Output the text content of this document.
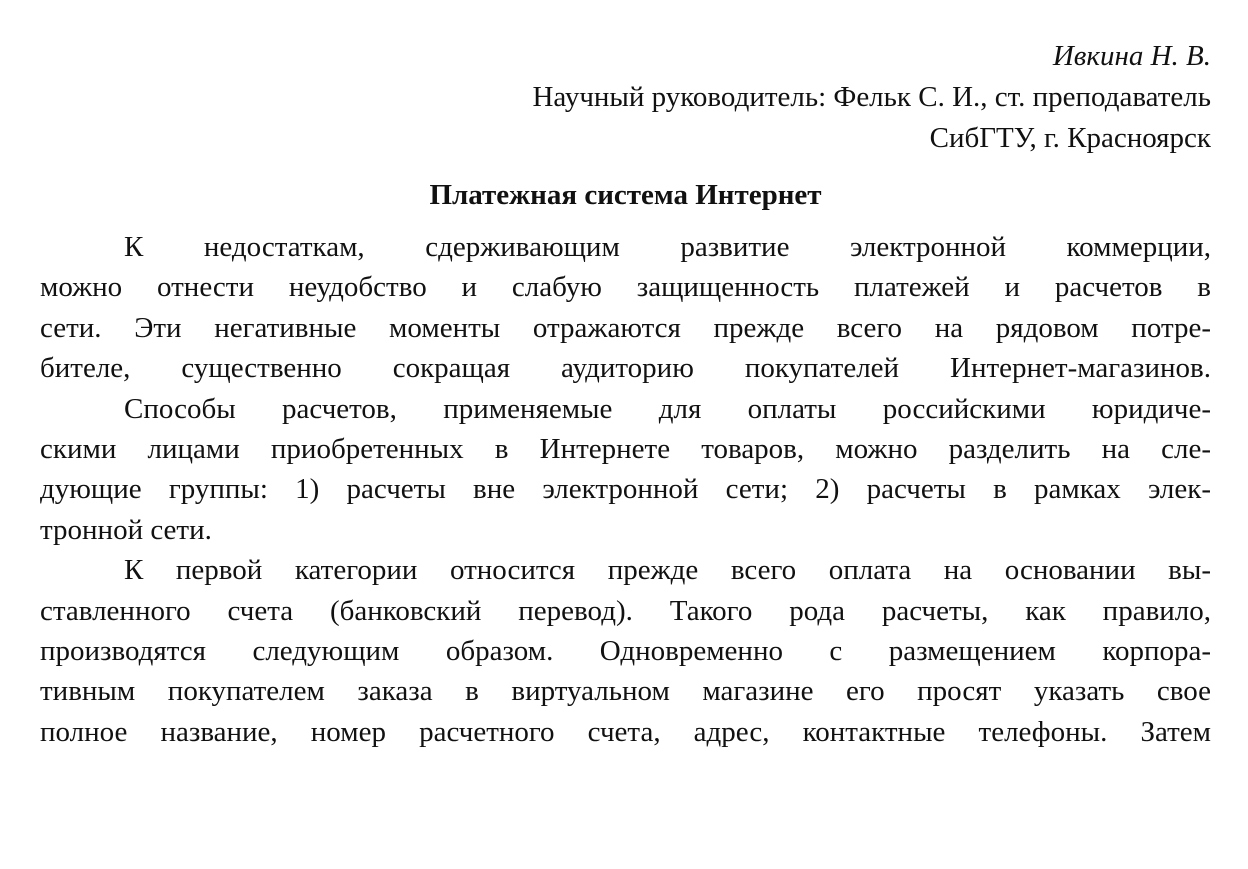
Ивкина Н. В.
Научный руководитель: Фельк С. И., ст. преподаватель
СибГТУ, г. Красноярск
Платежная система Интернет
К недостаткам, сдерживающим развитие электронной коммерции,
можно отнести неудобство и слабую защищенность платежей и расчетов в
сети. Эти негативные моменты отражаются прежде всего на рядовом потре-
бителе, существенно сокращая аудиторию покупателей Интернет-магазинов.
Способы расчетов, применяемые для оплаты российскими юридиче-
скими лицами приобретенных в Интернете товаров, можно разделить на сле-
дующие группы: 1) расчеты вне электронной сети; 2) расчеты в рамках элек-
тронной сети.
К первой категории относится прежде всего оплата на основании вы-
ставленного счета (банковский перевод). Такого рода расчеты, как правило,
производятся следующим образом. Одновременно с размещением корпора-
тивным покупателем заказа в виртуальном магазине его просят указать свое
полное название, номер расчетного счета, адрес, контактные телефоны. Затем
